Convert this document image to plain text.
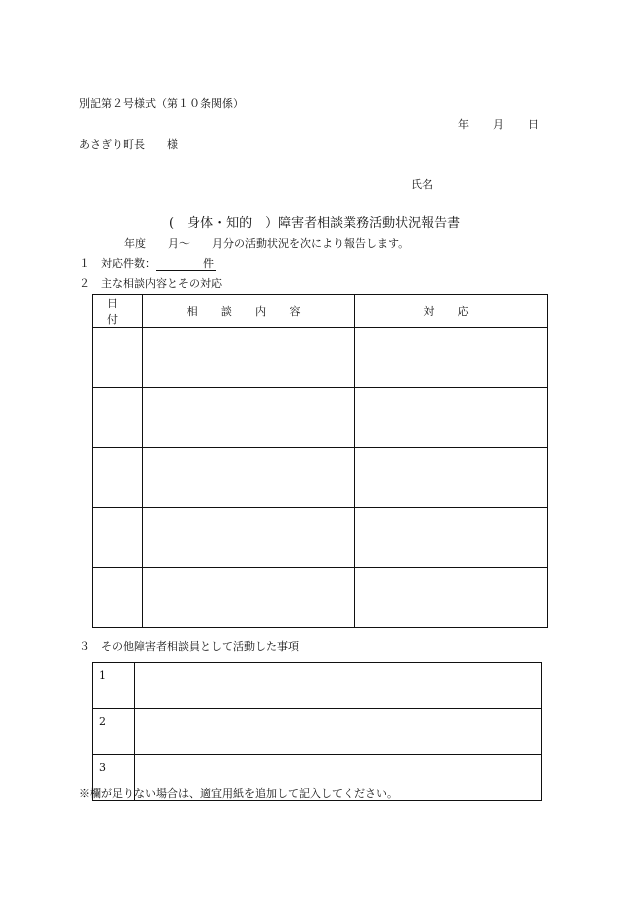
別記第２号様式（第１０条関係）
年 月 日
あさぎり町長　　様
氏名
(　身体・知的　）障害者相談業務活動状況報告書
年度　　月～　　月分の活動状況を次により報告します。
１　対応件数：	件
２　主な相談内容とその対応
日 付	相 談 内 容	対 応

３　その他障害者相談員として活動した事項
1	
2	
3	
※欄が足りない場合は、適宜用紙を追加して記入してください。
